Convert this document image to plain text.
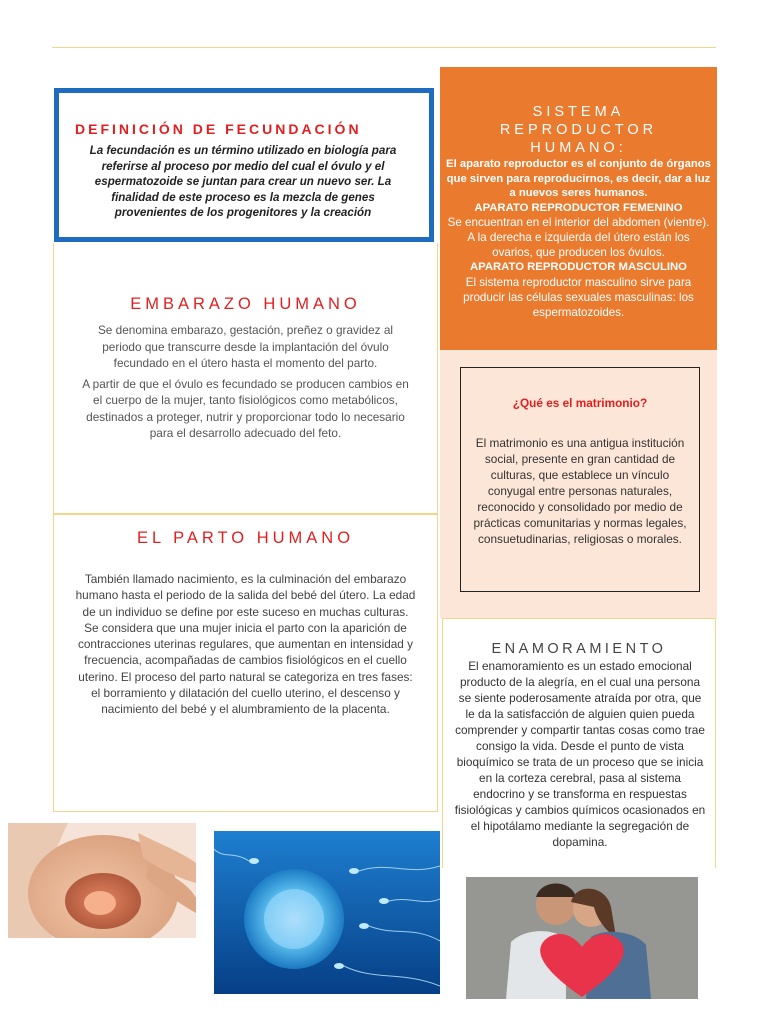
DEFINICIÓN DE FECUNDACIÓN
La fecundación es un término utilizado en biología para referirse al proceso por medio del cual el óvulo y el espermatozoide se juntan para crear un nuevo ser. La finalidad de este proceso es la mezcla de genes provenientes de los progenitores y la creación
SISTEMA REPRODUCTOR HUMANO:
El aparato reproductor es el conjunto de órganos que sirven para reproducirnos, es decir, dar a luz a nuevos seres humanos.
APARATO REPRODUCTOR FEMENINO
Se encuentran en el interior del abdomen (vientre). A la derecha e izquierda del útero están los ovarios, que producen los óvulos.
APARATO REPRODUCTOR MASCULINO
El sistema reproductor masculino sirve para producir las células sexuales masculinas: los espermatozoides.
¿Qué es el matrimonio?
El matrimonio es una antigua institución social, presente en gran cantidad de culturas, que establece un vínculo conyugal entre personas naturales, reconocido y consolidado por medio de prácticas comunitarias y normas legales, consuetudinarias, religiosas o morales.
EMBARAZO HUMANO

Se denomina embarazo, gestación, preñez o gravidez al periodo que transcurre desde la implantación del óvulo fecundado en el útero hasta el momento del parto.

A partir de que el óvulo es fecundado se producen cambios en el cuerpo de la mujer, tanto fisiológicos como metabólicos, destinados a proteger, nutrir y proporcionar todo lo necesario para el desarrollo adecuado del feto.

EL PARTO HUMANO
También llamado nacimiento, es la culminación del embarazo humano hasta el periodo de la salida del bebé del útero. La edad de un individuo se define por este suceso en muchas culturas. Se considera que una mujer inicia el parto con la aparición de contracciones uterinas regulares, que aumentan en intensidad y frecuencia, acompañadas de cambios fisiológicos en el cuello uterino. El proceso del parto natural se categoriza en tres fases: el borramiento y dilatación del cuello uterino, el descenso y nacimiento del bebé y el alumbramiento de la placenta.
ENAMORAMIENTO
El enamoramiento es un estado emocional producto de la alegría, en el cual una persona se siente poderosamente atraída por otra, que le da la satisfacción de alguien quien pueda comprender y compartir tantas cosas como trae consigo la vida. Desde el punto de vista bioquímico se trata de un proceso que se inicia en la corteza cerebral, pasa al sistema endocrino y se transforma en respuestas fisiológicas y cambios químicos ocasionados en el hipotálamo mediante la segregación de dopamina.
